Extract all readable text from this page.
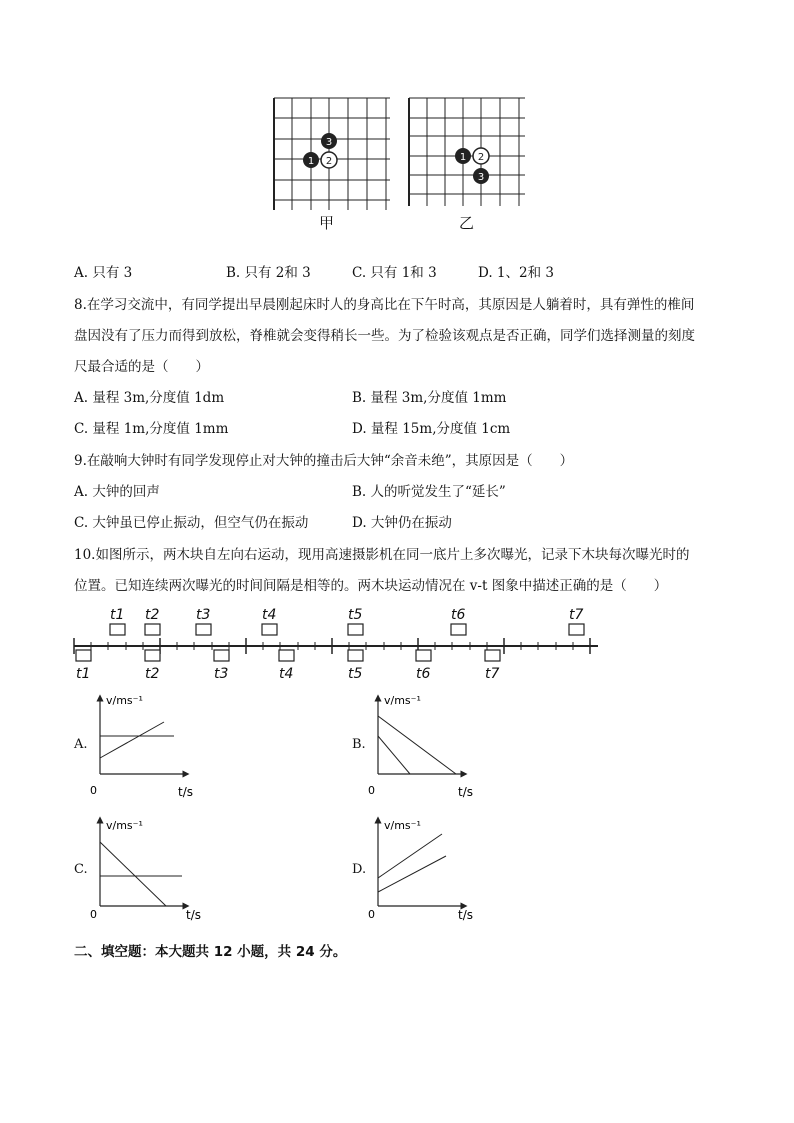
3
1 2
甲
1 2
3
乙
A. 只有 3	B. 只有 2和 3	C. 只有 1和 3	D. 1、2和 3
8.在学习交流中，有同学提出早晨刚起床时人的身高比在下午时高，其原因是人躺着时，具有弹性的椎间
盘因没有了压力而得到放松，脊椎就会变得稍长一些。为了检验该观点是否正确，同学们选择测量的刻度
尺最合适的是（　　）
A. 量程 3m,分度值 1dm	B. 量程 3m,分度值 1mm
C. 量程 1m,分度值 1mm	D. 量程 15m,分度值 1cm
9.在敲响大钟时有同学发现停止对大钟的撞击后大钟“余音未绝”，其原因是（　　）
A. 大钟的回声	B. 人的听觉发生了“延长”
C. 大钟虽已停止振动，但空气仍在振动	D. 大钟仍在振动
10.如图所示，两木块自左向右运动，现用高速摄影机在同一底片上多次曝光，记录下木块每次曝光时的
位置。已知连续两次曝光的时间间隔是相等的。两木块运动情况在 v-t 图象中描述正确的是（　　）
t1 t2	t3	t4	t5	t6	t7
t1	t2	t3	t4	t5	t6	t7
A.
v/ms⁻¹
t/s
0
B.
v/ms⁻¹
t/s
0
C.
v/ms⁻¹
t/s
0
D.
v/ms⁻¹
t/s
0
二、填空题：本大题共 12 小题，共 24 分。
